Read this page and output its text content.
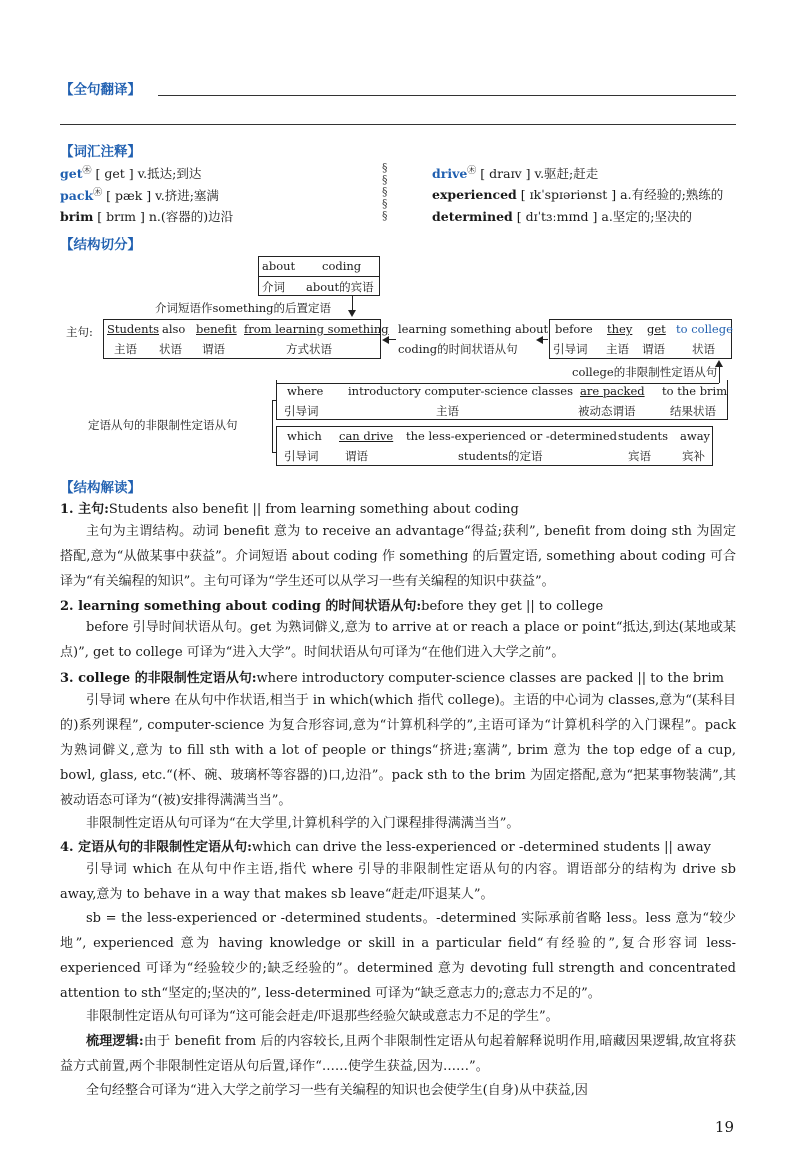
【全句翻译】
【词汇注释】
get㊍ [ ɡet ] v.抵达;到达
pack㊍ [ pæk ] v.挤进;塞满
brim [ brɪm ] n.(容器的)边沿
§
§
§
§
§
drive㊍ [ draɪv ] v.驱赶;赶走
experienced [ ɪkˈspɪəriənst ] a.有经验的;熟练的
determined [ dɪˈtɜːmɪnd ] a.坚定的;坚决的
【结构切分】
about coding
介词 about的宾语
介词短语作something的后置定语
主句: Students also benefit from learning something
主语 状语 谓语	方式状语
learning something about
coding的时间状语从句
before they get to college
引导词 主语 谓语 状语
college的非限制性定语从句
where introductory computer-science classes are packed to the brim
引导词	主语	被动态谓语	结果状语
定语从句的非限制性定语从句
which can drive the less-experienced or -determined students away
引导词 谓语	students的定语	宾语	宾补
【结构解读】
1. 主句:Students also benefit || from learning something about coding
主句为主谓结构。动词 benefit 意为 to receive an advantage“得益;获利”, benefit from doing sth 为固定搭配,意为“从做某事中获益”。介词短语 about coding 作 something 的后置定语, something about coding 可合译为“有关编程的知识”。主句可译为“学生还可以从学习一些有关编程的知识中获益”。
2. learning something about coding 的时间状语从句:before they get || to college
before 引导时间状语从句。get 为熟词僻义,意为 to arrive at or reach a place or point“抵达,到达(某地或某点)”, get to college 可译为“进入大学”。时间状语从句可译为“在他们进入大学之前”。
3. college 的非限制性定语从句:where introductory computer-science classes are packed || to the brim
引导词 where 在从句中作状语,相当于 in which(which 指代 college)。主语的中心词为 classes,意为“(某科目的)系列课程”, computer-science 为复合形容词,意为“计算机科学的”,主语可译为“计算机科学的入门课程”。pack 为熟词僻义,意为 to fill sth with a lot of people or things“挤进;塞满”, brim 意为 the top edge of a cup, bowl, glass, etc.“(杯、碗、玻璃杯等容器的)口,边沿”。pack sth to the brim 为固定搭配,意为“把某事物装满”,其被动语态可译为“(被)安排得满满当当”。
非限制性定语从句可译为“在大学里,计算机科学的入门课程排得满满当当”。
4. 定语从句的非限制性定语从句:which can drive the less-experienced or -determined students || away
引导词 which 在从句中作主语,指代 where 引导的非限制性定语从句的内容。谓语部分的结构为 drive sb away,意为 to behave in a way that makes sb leave“赶走/吓退某人”。
sb = the less-experienced or -determined students。-determined 实际承前省略 less。less 意为“较少地”, experienced 意为 having knowledge or skill in a particular field“有经验的”,复合形容词 less-experienced 可译为“经验较少的;缺乏经验的”。determined 意为 devoting full strength and concentrated attention to sth“坚定的;坚决的”, less-determined 可译为“缺乏意志力的;意志力不足的”。
非限制性定语从句可译为“这可能会赶走/吓退那些经验欠缺或意志力不足的学生”。
梳理逻辑:由于 benefit from 后的内容较长,且两个非限制性定语从句起着解释说明作用,暗藏因果逻辑,故宜将获益方式前置,两个非限制性定语从句后置,译作“……使学生获益,因为……”。
全句经整合可译为“进入大学之前学习一些有关编程的知识也会使学生(自身)从中获益,因
19
